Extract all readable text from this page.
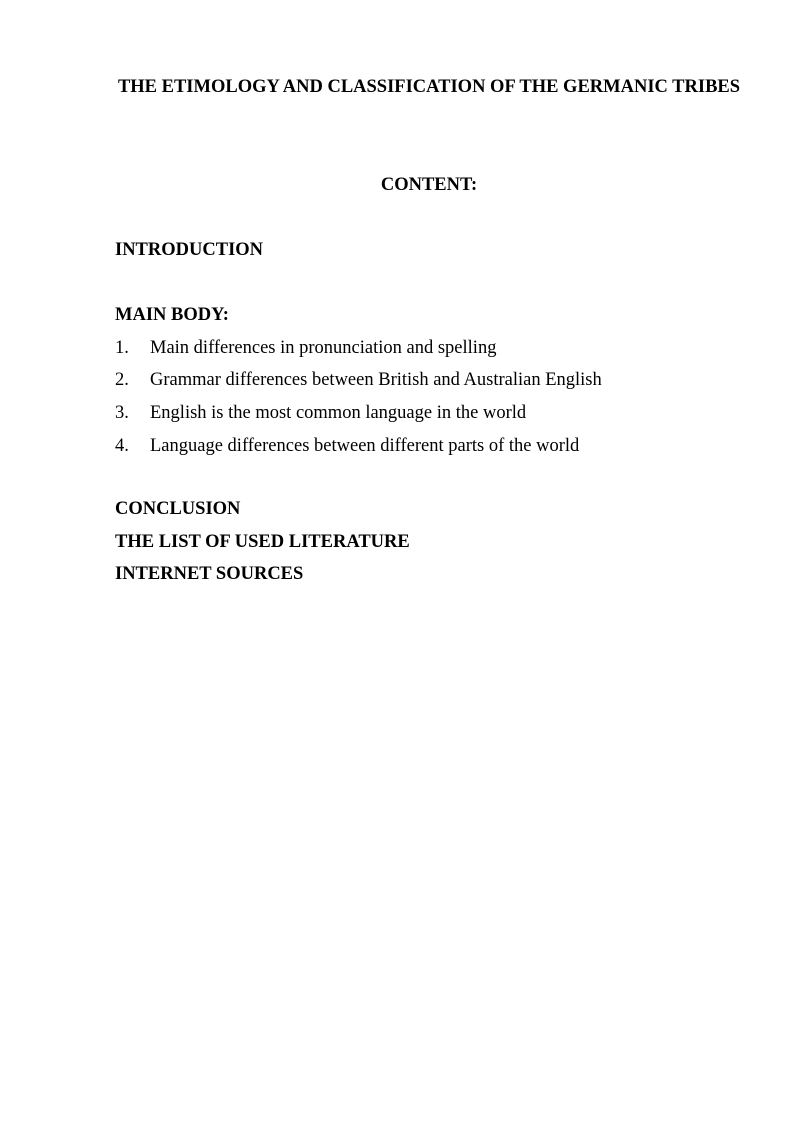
THE ETIMOLOGY AND CLASSIFICATION OF THE GERMANIC TRIBES
CONTENT:
INTRODUCTION
MAIN BODY:
1.	Main differences in pronunciation and spelling
2.	Grammar differences between British and Australian English
3.	English is the most common language in the world
4.	Language differences between different parts of the world
CONCLUSION
THE LIST OF USED LITERATURE
INTERNET SOURCES
